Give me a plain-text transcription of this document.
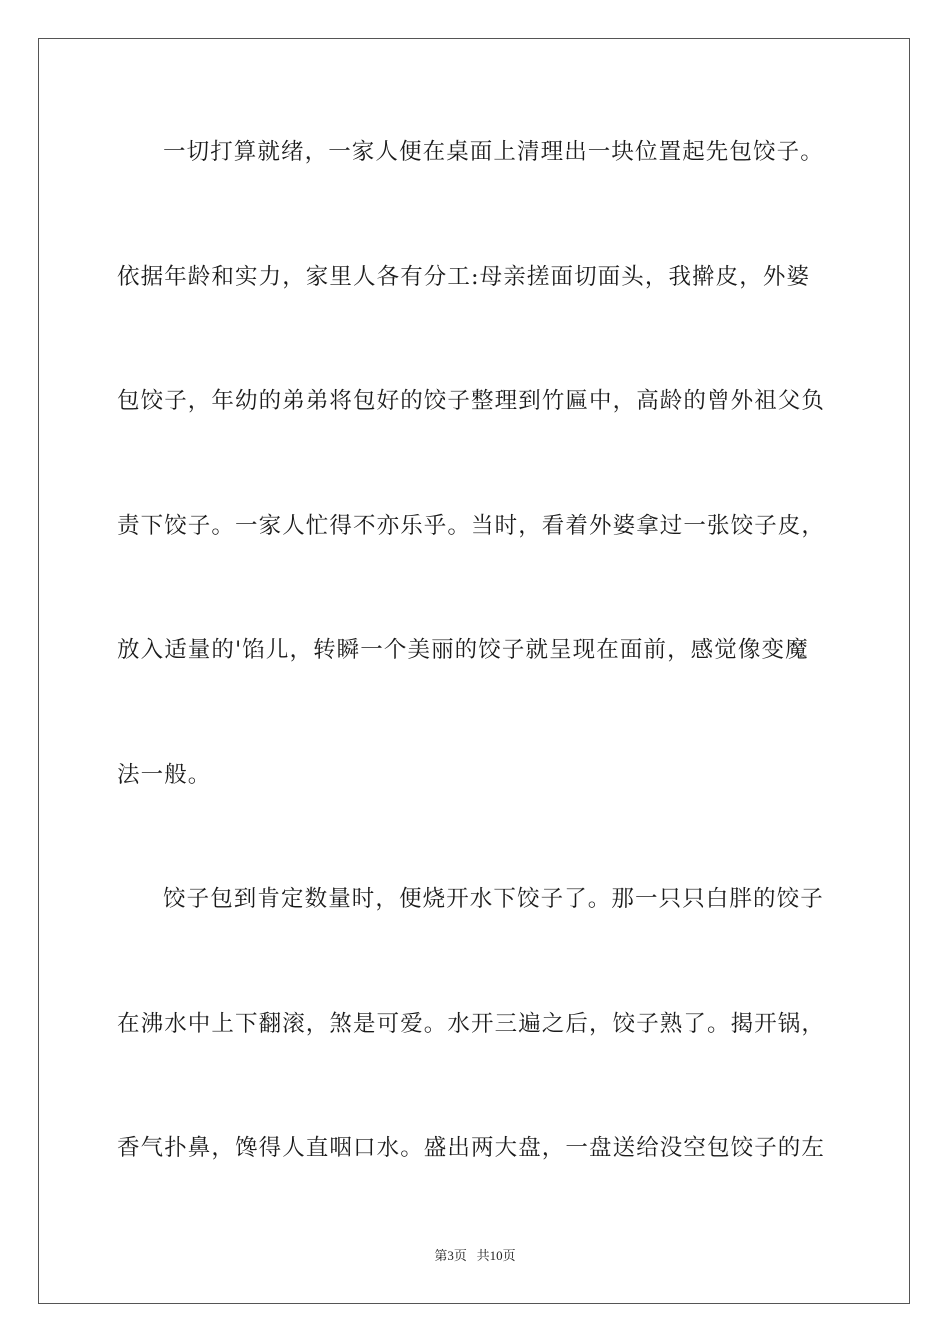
一切打算就绪，一家人便在桌面上清理出一块位置起先包饺子。
依据年龄和实力，家里人各有分工:母亲搓面切面头，我擀皮，外婆
包饺子，年幼的弟弟将包好的饺子整理到竹匾中，高龄的曾外祖父负
责下饺子。一家人忙得不亦乐乎。当时，看着外婆拿过一张饺子皮，
放入适量的'馅儿，转瞬一个美丽的饺子就呈现在面前，感觉像变魔
法一般。
饺子包到肯定数量时，便烧开水下饺子了。那一只只白胖的饺子
在沸水中上下翻滚，煞是可爱。水开三遍之后，饺子熟了。揭开锅，
香气扑鼻，馋得人直咽口水。盛出两大盘，一盘送给没空包饺子的左
第3页   共10页
